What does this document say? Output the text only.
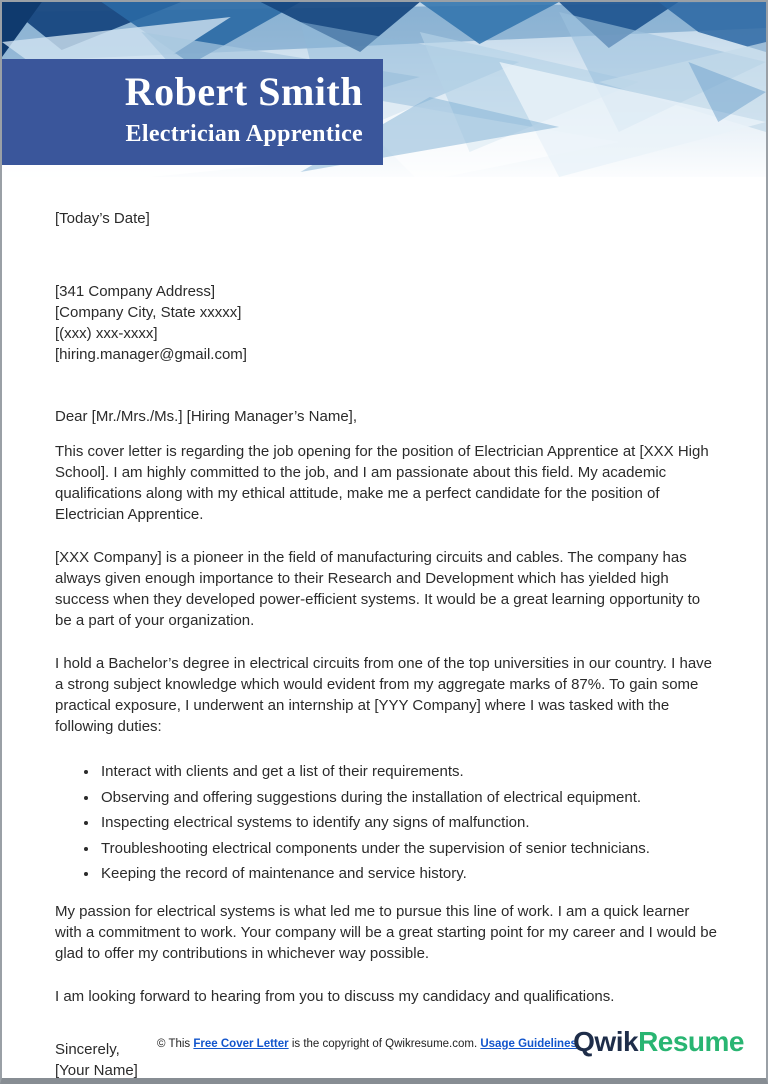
Robert Smith
Electrician Apprentice

[Today’s Date]

[341 Company Address]

[Company City, State xxxxx]

[(xxx) xxx-xxxx]

[hiring.manager@gmail.com]

Dear [Mr./Mrs./Ms.] [Hiring Manager’s Name],

This cover letter is regarding the job opening for the position of Electrician Apprentice at [XXX High School]. I am highly committed to the job, and I am passionate about this field. My academic qualifications along with my ethical attitude, make me a perfect candidate for the position of Electrician Apprentice.

[XXX Company] is a pioneer in the field of manufacturing circuits and cables. The company has always given enough importance to their Research and Development which has yielded high success when they developed power-efficient systems. It would be a great learning opportunity to be a part of your organization.

I hold a Bachelor’s degree in electrical circuits from one of the top universities in our country. I have a strong subject knowledge which would evident from my aggregate marks of 87%. To gain some practical exposure, I underwent an internship at [YYY Company] where I was tasked with the following duties:

• Interact with clients and get a list of their requirements.
• Observing and offering suggestions during the installation of electrical equipment.
• Inspecting electrical systems to identify any signs of malfunction.
• Troubleshooting electrical components under the supervision of senior technicians.
• Keeping the record of maintenance and service history.

My passion for electrical systems is what led me to pursue this line of work. I am a quick learner with a commitment to work. Your company will be a great starting point for my career and I would be glad to offer my contributions in whichever way possible.

I am looking forward to hearing from you to discuss my candidacy and qualifications.

Sincerely,

[Your Name]

© This Free Cover Letter is the copyright of Qwikresume.com. Usage Guidelines
QwikResume
